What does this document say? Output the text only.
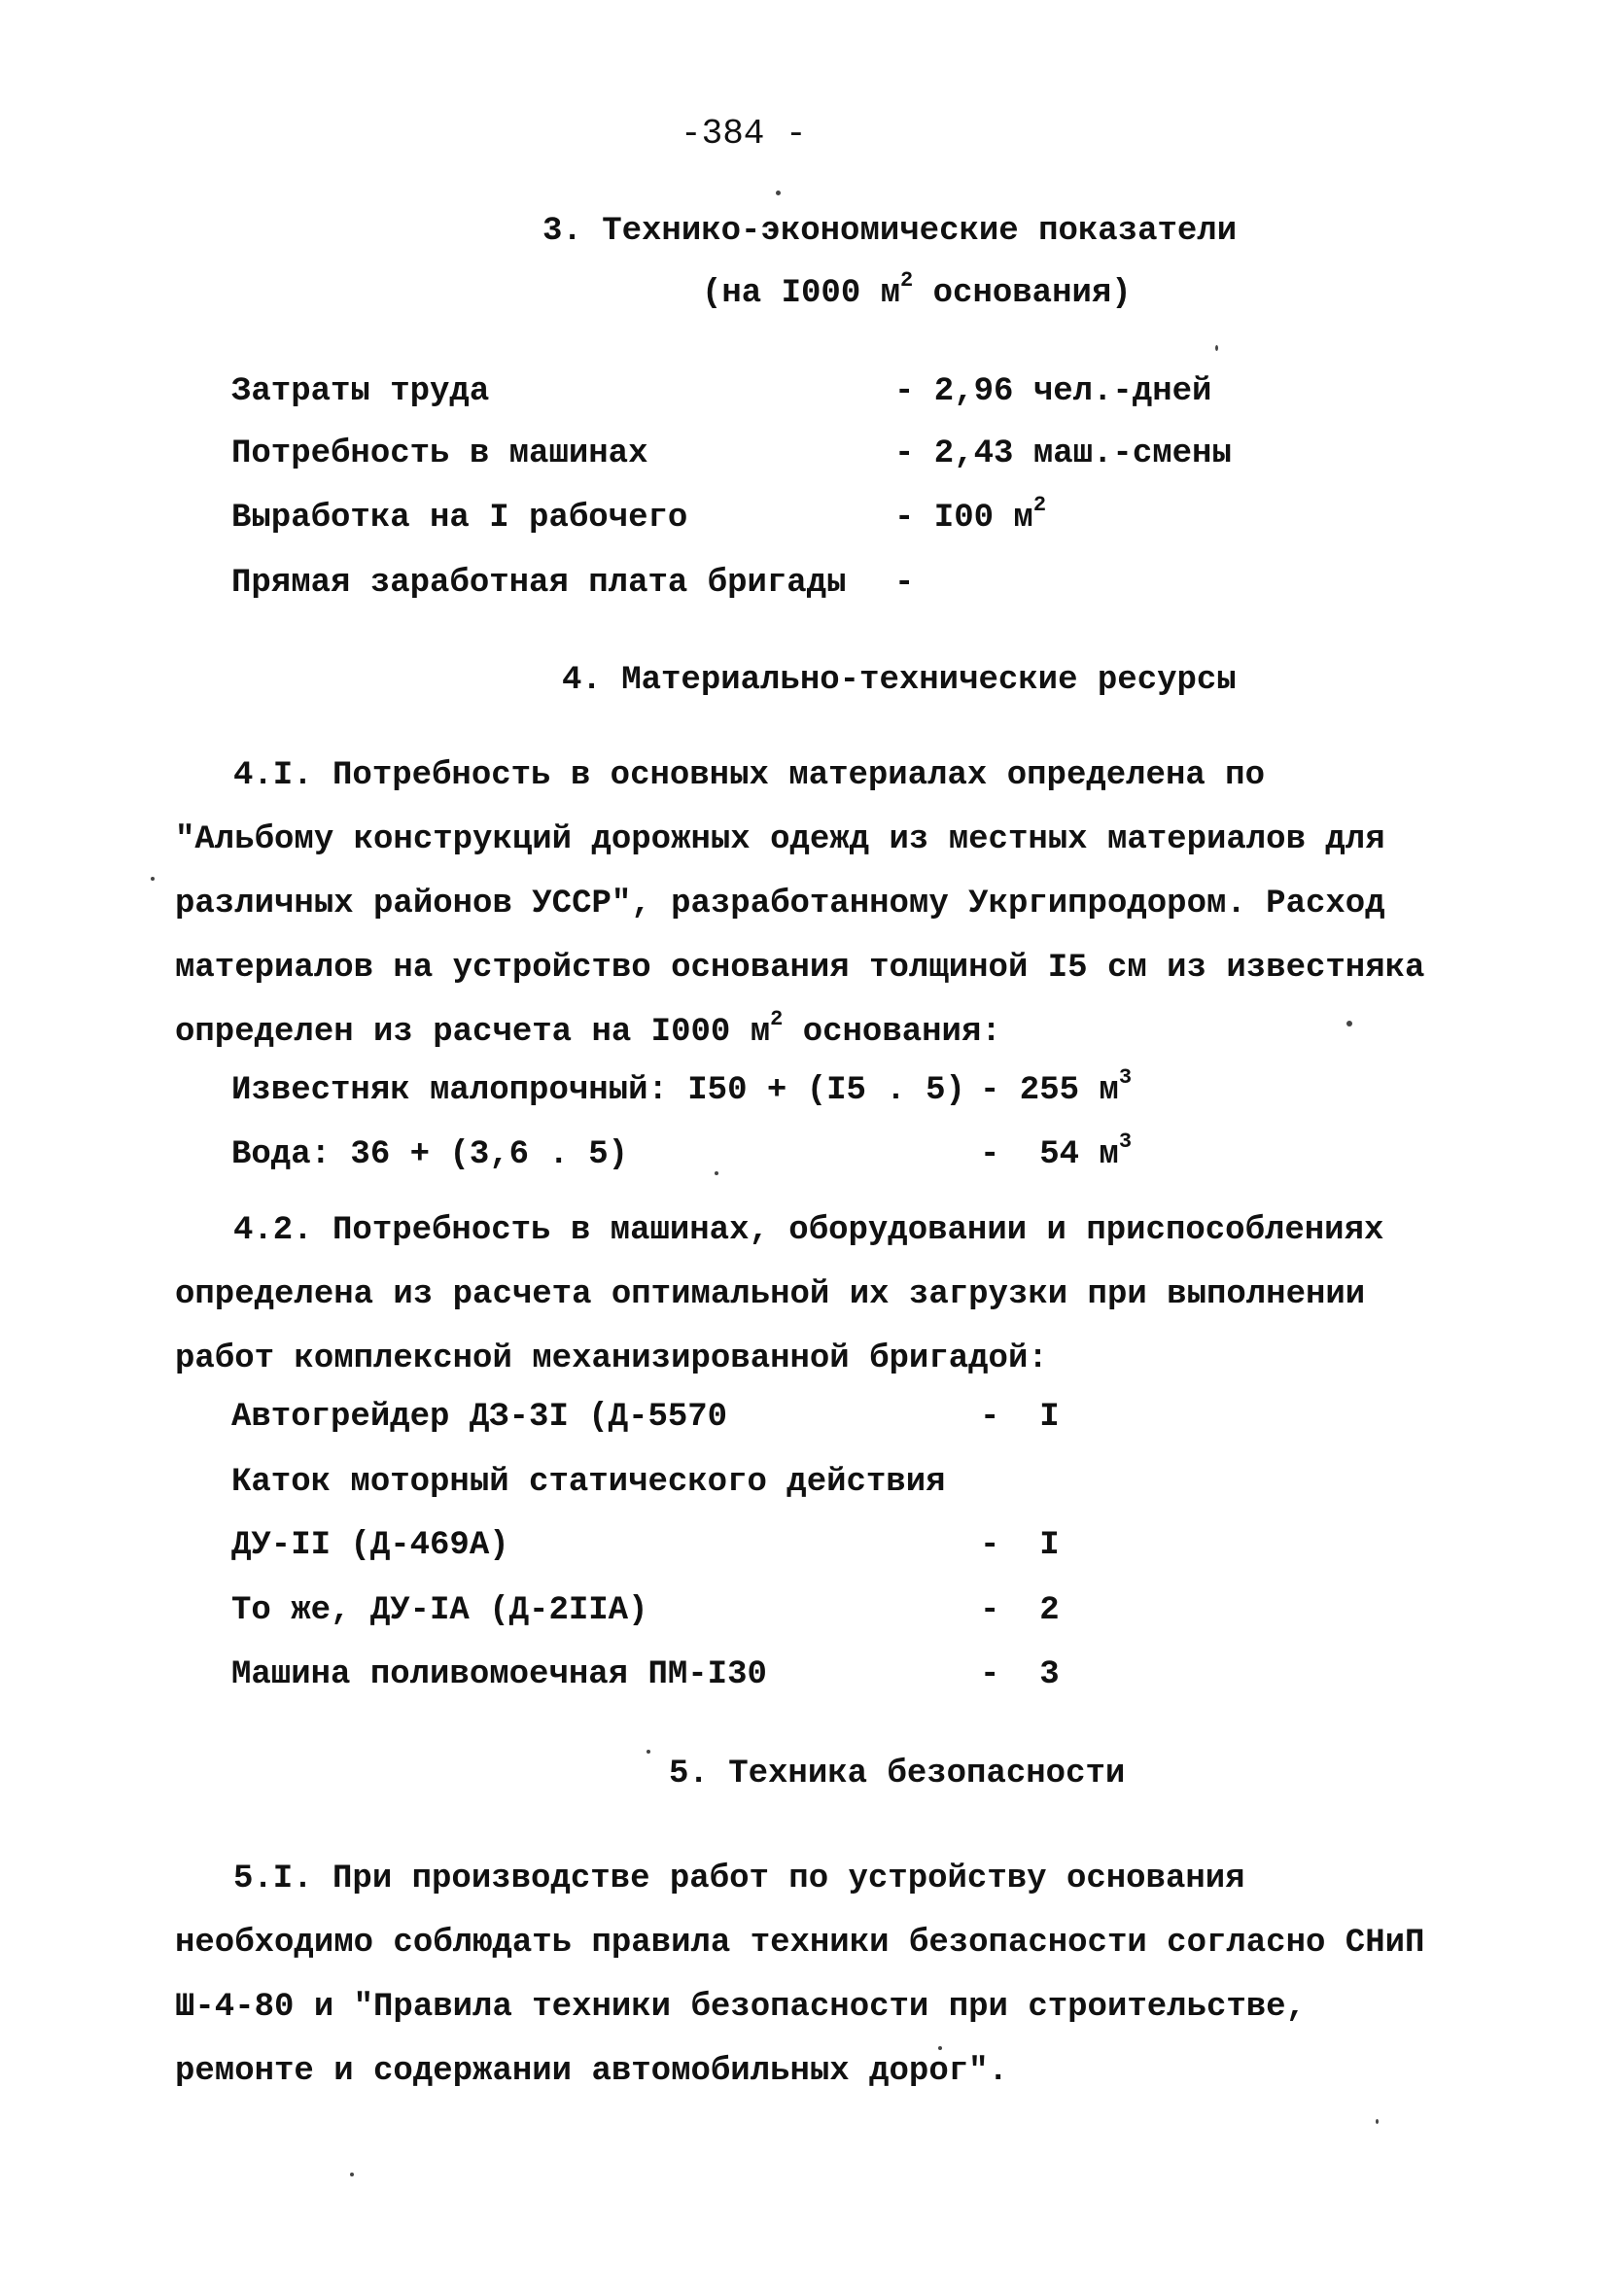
-384 -
3. Технико-экономические показатели
(на I000 $м^2$ основания)
Затраты труда	- 2,96 чел.-дней
Потребность в машинах	- 2,43 маш.-смены
Выработка на I рабочего	- I00 $м^2$
Прямая заработная плата бригады -
4. Материально-технические ресурсы
4.I. Потребность в основных материалах определена по "Альбому конструкций дорожных одежд из местных материалов для различных районов УССР", разработанному Укргипродором. Расход материалов на устройство основания толщиной I5 см из известняка определен из расчета на I000 $м^2$ основания:
Известняк малопрочный: I50 + (I5 . 5) - 255 $м^3$
Вода: 36 + (3,6 . 5)	-  54 $м^3$
4.2. Потребность в машинах, оборудовании и приспособлениях определена из расчета оптимальной их загрузки при выполнении работ комплексной механизированной бригадой:
Автогрейдер ДЗ-3I (Д-5570	-  I
Каток моторный статического действия
ДУ-II (Д-469А)	-  I
То же, ДУ-IА (Д-2IIА)	-  2
Машина поливомоечная ПМ-I30	-  3
5. Техника безопасности
5.I. При производстве работ по устройству основания необходимо соблюдать правила техники безопасности согласно СНиП Ш-4-80 и "Правила техники безопасности при строительстве, ремонте и содержании автомобильных дорог".
